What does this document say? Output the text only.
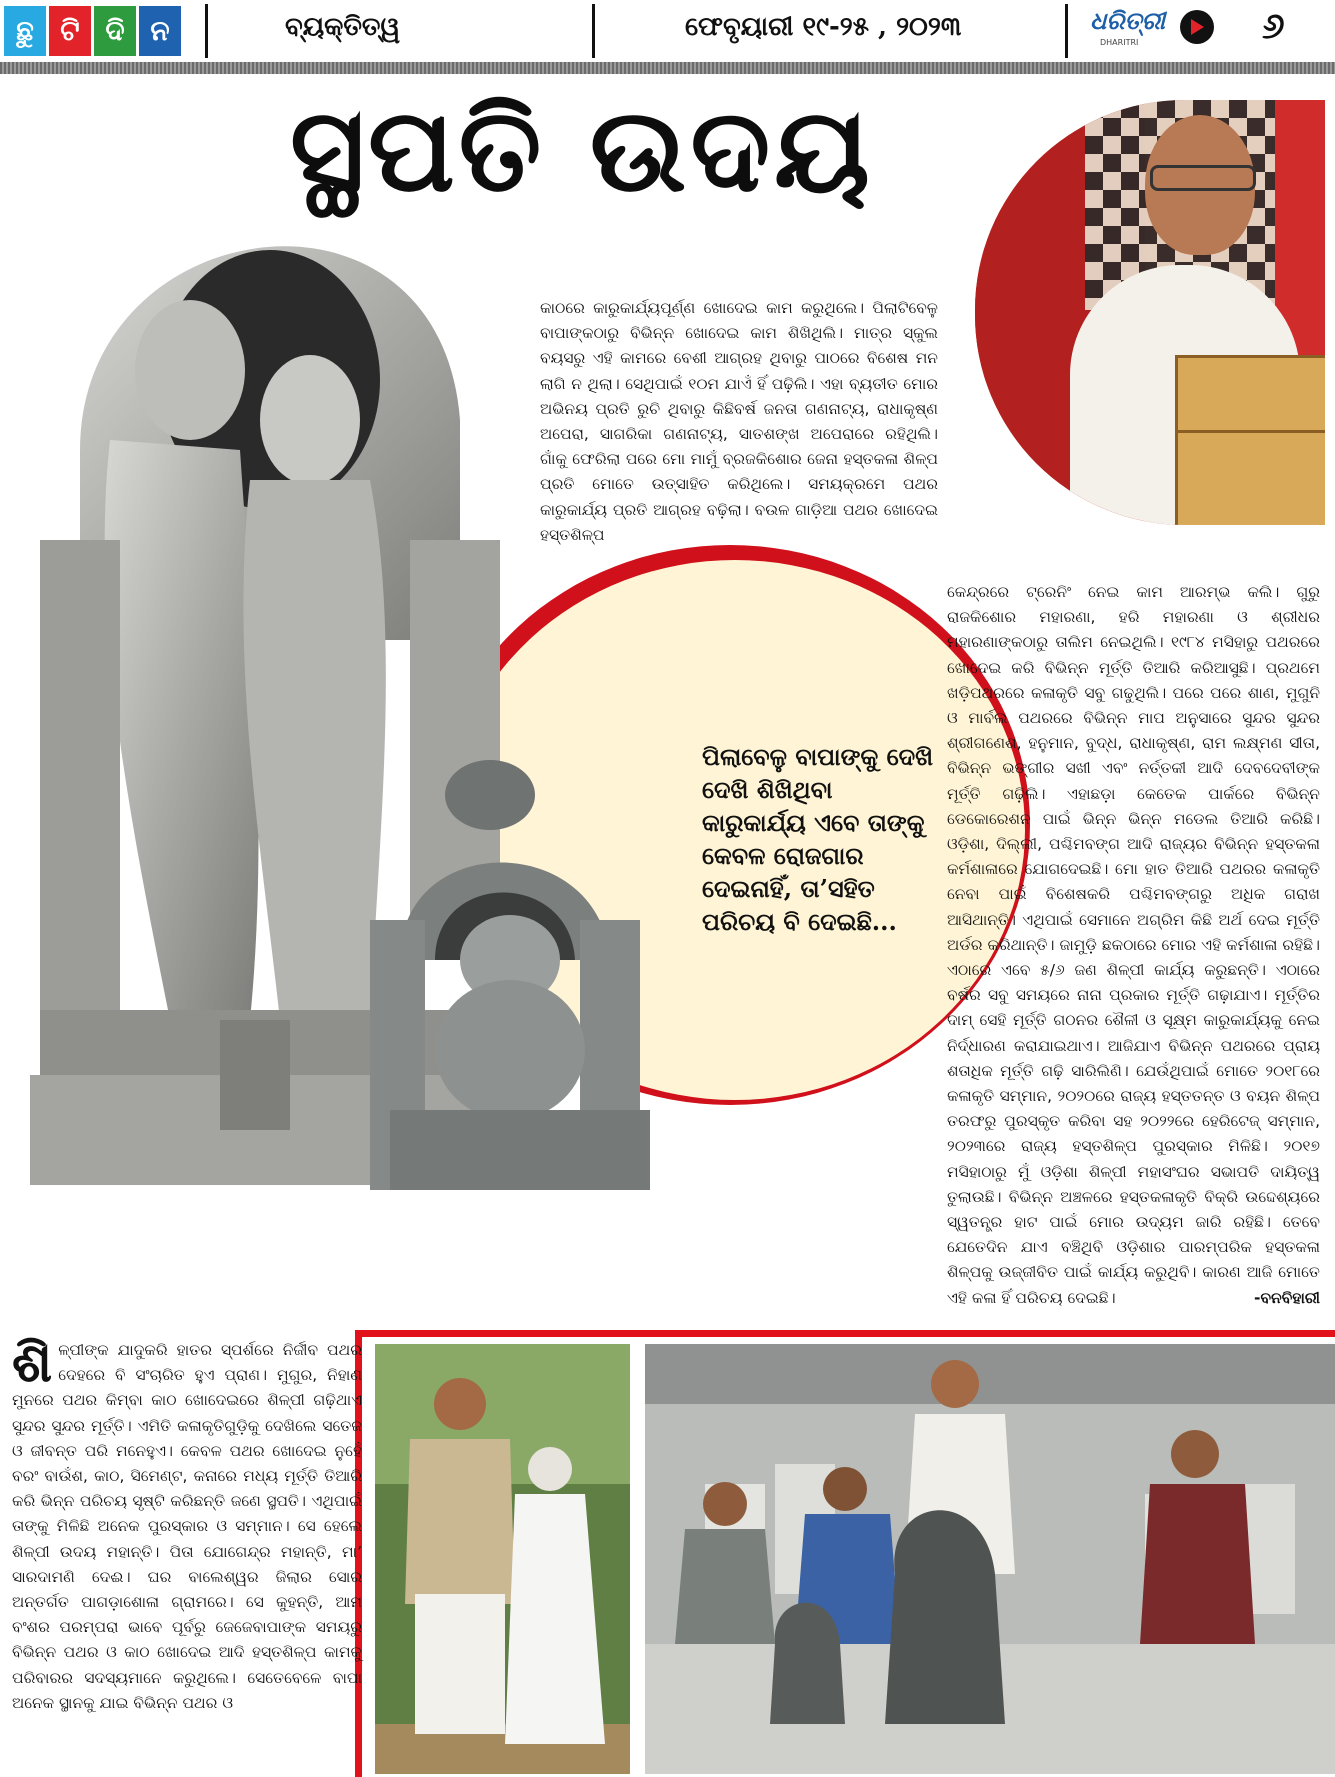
ଛୁ ଟି ଦି ନ	ବ୍ୟକ୍ତିତ୍ୱ	ଫେବୃୟାରୀ ୧୯-୨୫ , ୨୦୨୩	ଧରିତ୍ରୀ
DHARITRI	୬
ସ୍ଥପତି ଉଦୟ
କାଠରେ କାରୁକାର୍ଯ୍ୟପୂର୍ଣ୍ଣ ଖୋଦେଇ କାମ କରୁଥିଲେ। ପିଲାଟିବେଳୁ ବାପାଙ୍କଠାରୁ ବିଭିନ୍ନ ଖୋଦେଇ କାମ ଶିଖିଥିଲି। ମାତ୍ର ସ୍କୁଲ ବୟସରୁ ଏହି କାମରେ ବେଶୀ ଆଗ୍ରହ ଥିବାରୁ ପାଠରେ ବିଶେଷ ମନ ଲାଗି ନ ଥିଲା। ସେଥିପାଇଁ ୧୦ମ ଯାଏଁ ହିଁ ପଢ଼ିଲି। ଏହା ବ୍ୟତୀତ ମୋର ଅଭିନୟ ପ୍ରତି ରୁଚି ଥିବାରୁ କିଛିବର୍ଷ ଜନତା ଗଣନାଟ୍ୟ, ରାଧାକୃଷ୍ଣ ଅପେରା, ସାଗରିକା ଗଣନାଟ୍ୟ, ସାତଶଙ୍ଖ ଅପେରାରେ ରହିଥିଲି। ଗାଁକୁ ଫେରିଲା ପରେ ମୋ ମାମୁଁ ବ୍ରଜକିଶୋର ଜେନା ହସ୍ତକଳା ଶିଳ୍ପ ପ୍ରତି ମୋତେ ଉତ୍ସାହିତ କରିଥିଲେ। ସମୟକ୍ରମେ ପଥର କାରୁକାର୍ଯ୍ୟ ପ୍ରତି ଆଗ୍ରହ ବଢ଼ିଲା। ବଉଳ ଗାଡ଼ିଆ ପଥର ଖୋଦେଇ ହସ୍ତଶିଳ୍ପ
କେନ୍ଦ୍ରରେ ଟ୍ରେନିଂ ନେଇ କାମ ଆରମ୍ଭ କଲି। ଗୁରୁ ରାଜକିଶୋର ମହାରଣା, ହରି ମହାରଣା ଓ ଶ୍ରୀଧର ମହାରଣାଙ୍କଠାରୁ ତାଲିମ ନେଇଥିଲି। ୧୯୮୪ ମସିହାରୁ ପଥରରେ ଖୋଦେଇ କରି ବିଭିନ୍ନ ମୂର୍ତ୍ତି ତିଆରି କରିଆସୁଛି। ପ୍ରଥମେ ଖଡ଼ିପଥରରେ କଳାକୃତି ସବୁ ଗଢୁଥିଲି। ପରେ ପରେ ଶାଣ, ମୁଗୁନି ଓ ମାର୍ବଲ ପଥରରେ ବିଭିନ୍ନ ମାପ ଅନୁସାରେ ସୁନ୍ଦର ସୁନ୍ଦର ଶ୍ରୀଗଣେଶ, ହନୁମାନ, ବୁଦ୍ଧ, ରାଧାକୃଷ୍ଣ, ରାମ ଲକ୍ଷ୍ମଣ ସୀତା, ବିଭିନ୍ନ ଭଙ୍ଗୀର ସଖୀ ଏବଂ ନର୍ତ୍ତକୀ ଆଦି ଦେବଦେବୀଙ୍କ ମୂର୍ତ୍ତି ଗଢ଼ିଲି। ଏହାଛଡ଼ା କେତେକ ପାର୍କରେ ବିଭିନ୍ନ ଡେକୋରେଶନ ପାଇଁ ଭିନ୍ନ ଭିନ୍ନ ମଡେଲ ତିଆରି କରିଛି। ଓଡ଼ିଶା, ଦିଲ୍ଲୀ, ପଶ୍ଚିମବଙ୍ଗ ଆଦି ରାଜ୍ୟର ବିଭିନ୍ନ ହସ୍ତକଳା କର୍ମଶାଳାରେ ଯୋଗଦେଇଛି। ମୋ ହାତ ତିଆରି ପଥରର କଳାକୃତି ନେବା ପାଇଁ ବିଶେଷକରି ପଶ୍ଚିମବଙ୍ଗରୁ ଅଧିକ ଗରାଖ ଆସିଥାନ୍ତି। ଏଥିପାଇଁ ସେମାନେ ଅଗ୍ରିମ କିଛି ଅର୍ଥ ଦେଇ ମୂର୍ତ୍ତି ଅର୍ଡର କରିଥାନ୍ତି। ଜାମୁଡ଼ି ଛକଠାରେ ମୋର ଏହି କର୍ମଶାଳା ରହିଛି। ଏଠାରେ ଏବେ ୫/୬ ଜଣ ଶିଳ୍ପୀ କାର୍ଯ୍ୟ କରୁଛନ୍ତି। ଏଠାରେ ବର୍ଷର ସବୁ ସମୟରେ ନାନା ପ୍ରକାର ମୂର୍ତ୍ତି ଗଢ଼ାଯାଏ। ମୂର୍ତ୍ତିର ଦାମ୍ ସେହି ମୂର୍ତ୍ତି ଗଠନର ଶୈଳୀ ଓ ସୂକ୍ଷ୍ମ କାରୁକାର୍ଯ୍ୟକୁ ନେଇ ନିର୍ଦ୍ଧାରଣ କରାଯାଇଥାଏ। ଆଜିଯାଏ ବିଭିନ୍ନ ପଥରରେ ପ୍ରାୟ ଶତାଧିକ ମୂର୍ତ୍ତି ଗଢ଼ି ସାରିଲିଣି। ଯେଉଁଥିପାଇଁ ମୋତେ ୨୦୧୮ରେ କଳାକୃତି ସମ୍ମାନ, ୨୦୨୦ରେ ରାଜ୍ୟ ହସ୍ତତନ୍ତ ଓ ବୟନ ଶିଳ୍ପ ତରଫରୁ ପୁରସ୍କୃତ କରିବା ସହ ୨୦୨୨ରେ ହେରିଟେଜ୍ ସମ୍ମାନ, ୨୦୨୩ରେ ରାଜ୍ୟ ହସ୍ତଶିଳ୍ପ ପୁରସ୍କାର ମିଳିଛି। ୨୦୧୭ ମସିହାଠାରୁ ମୁଁ ଓଡ଼ିଶା ଶିଳ୍ପୀ ମହାସଂଘର ସଭାପତି ଦାୟିତ୍ୱ ତୁଲାଉଛି। ବିଭିନ୍ନ ଅଞ୍ଚଳରେ ହସ୍ତକଳାକୃତି ବିକ୍ରି ଉଦ୍ଦେଶ୍ୟରେ ସ୍ୱତନ୍ତ୍ର ହାଟ ପାଇଁ ମୋର ଉଦ୍ୟମ ଜାରି ରହିଛି। ତେବେ ଯେତେଦିନ ଯାଏ ବଞ୍ଚିଥିବି ଓଡ଼ିଶାର ପାରମ୍ପରିକ ହସ୍ତକଳା ଶିଳ୍ପକୁ ଉଜ୍ଜୀବିତ ପାଇଁ କାର୍ଯ୍ୟ କରୁଥିବି। କାରଣ ଆଜି ମୋତେ ଏହି କଳା ହିଁ ପରିଚୟ ଦେଇଛି।	-ବନବିହାରୀ
ପିଲାବେଳୁ ବାପାଙ୍କୁ ଦେଖି ଦେଖି ଶିଖିଥିବା କାରୁକାର୍ଯ୍ୟ ଏବେ ତାଙ୍କୁ କେବଳ ରୋଜଗାର ଦେଇନାହିଁ, ତା’ସହିତ ପରିଚୟ ବି ଦେଇଛି...
ଶି ଳ୍ପୀଙ୍କ ଯାଦୁକରି ହାତର ସ୍ପର୍ଶରେ ନିର୍ଜୀବ ପଥର ଦେହରେ ବି ସଂଚାରିତ ହୁଏ ପ୍ରାଣ। ମୁଗୁର, ନିହାଣ ମୁନରେ ପଥର କିମ୍ବା କାଠ ଖୋଦେଇରେ ଶିଳ୍ପୀ ଗଢ଼ିଥାଏ ସୁନ୍ଦର ସୁନ୍ଦର ମୂର୍ତ୍ତି। ଏମିତି କଳାକୃତିଗୁଡ଼ିକୁ ଦେଖିଲେ ସତେଜ ଓ ଜୀବନ୍ତ ପରି ମନେହୁଏ। କେବଳ ପଥର ଖୋଦେଇ ନୁହେଁ ବରଂ ବାଉଁଶ, କାଠ, ସିମେଣ୍ଟ, କନାରେ ମଧ୍ୟ ମୂର୍ତ୍ତି ତିଆରି କରି ଭିନ୍ନ ପରିଚୟ ସୃଷ୍ଟି କରିଛନ୍ତି ଜଣେ ସ୍ଥପତି। ଏଥିପାଇଁ ତାଙ୍କୁ ମିଳିଛି ଅନେକ ପୁରସ୍କାର ଓ ସମ୍ମାନ। ସେ ହେଲେ ଶିଳ୍ପୀ ଉଦୟ ମହାନ୍ତି। ପିତା ଯୋଗେନ୍ଦ୍ର ମହାନ୍ତି, ମା’ ସାରଦାମଣି ଦେଈ। ଘର ବାଲେଶ୍ୱର ଜିଲାର ସୋର ଅନ୍ତର୍ଗତ ପାଗଡ଼ାଶୋଳା ଗ୍ରାମରେ। ସେ କୁହନ୍ତି, ଆମ ବଂଶର ପରମ୍ପରା ଭାବେ ପୂର୍ବରୁ ଜେଜେବାପାଙ୍କ ସମୟରୁ ବିଭିନ୍ନ ପଥର ଓ କାଠ ଖୋଦେଇ ଆଦି ହସ୍ତଶିଳ୍ପ କାମକୁ ପରିବାରର ସଦସ୍ୟମାନେ କରୁଥିଲେ। ସେତେବେଳେ ବାପା ଅନେକ ସ୍ଥାନକୁ ଯାଇ ବିଭିନ୍ନ ପଥର ଓ
